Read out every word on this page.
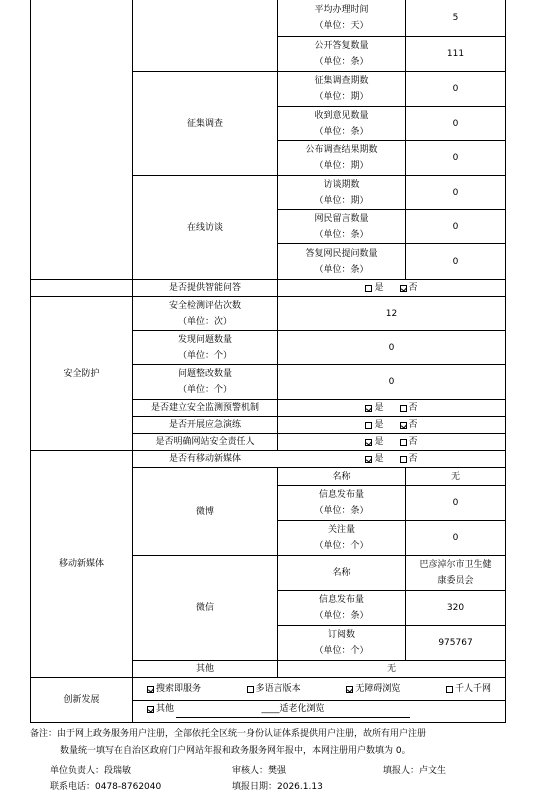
平均办理时间
（单位：天）
5
公开答复数量
（单位：条）
111
征集调查
征集调查期数
（单位：期）
0
收到意见数量
（单位：条）
0
公布调查结果期数
（单位：期）
0
在线访谈
访谈期数
（单位：期）
0
网民留言数量
（单位：条）
0
答复网民提问数量
（单位：条）
0
是否提供智能问答	是	否
安全防护
安全检测评估次数
（单位：次）
12
发现问题数量
（单位：个）
0
问题整改数量
（单位：个）
0
是否建立安全监测预警机制	是	否
是否开展应急演练	是	否
是否明确网站安全责任人	是	否
移动新媒体
是否有移动新媒体	是	否
微博
名称	无
信息发布量
（单位：条）
0
关注量
（单位：个）
0
微信
名称
巴彦淖尔市卫生健
康委员会
信息发布量
（单位：条）
320
订阅数
（单位：个）
975767
其他	无
创新发展
搜索即服务	多语言版本	无障碍浏览	千人千网
其他	____适老化浏览
备注：由于网上政务服务用户注册，全部依托全区统一身份认证体系提供用户注册，故所有用户注册
数量统一填写在自治区政府门户网站年报和政务服务网年报中，本网注册用户数填为 0。
单位负责人：段瑞敏	审核人：樊强	填报人：卢文生
联系电话：0478-8762040	填报日期：2026.1.13
